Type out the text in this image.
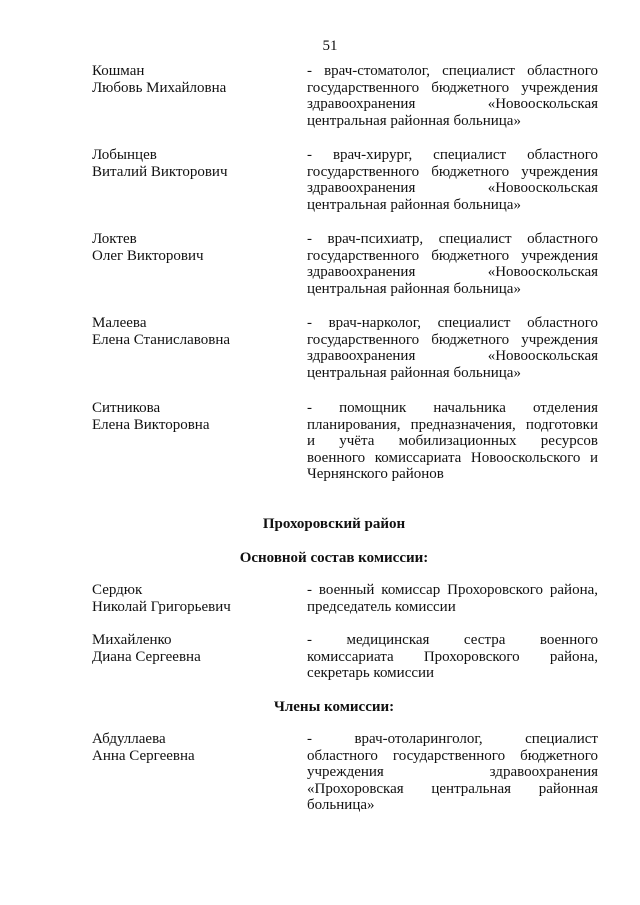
51
Кошман
Любовь Михайловна
- врач-стоматолог, специалист областного
государственного бюджетного учреждения
здравоохранения «Новооскольская
центральная районная больница»
Лобынцев
Виталий Викторович
- врач-хирург, специалист областного
государственного бюджетного учреждения
здравоохранения «Новооскольская
центральная районная больница»
Локтев
Олег Викторович
- врач-психиатр, специалист областного
государственного бюджетного учреждения
здравоохранения «Новооскольская
центральная районная больница»
Малеева
Елена Станиславовна
- врач-нарколог, специалист областного
государственного бюджетного учреждения
здравоохранения «Новооскольская
центральная районная больница»
Ситникова
Елена Викторовна
- помощник начальника отделения
планирования, предназначения, подготовки
и учёта мобилизационных ресурсов
военного комиссариата Новооскольского и
Чернянского районов
Прохоровский район
Основной состав комиссии:
Сердюк
Николай Григорьевич
- военный комиссар Прохоровского района,
председатель комиссии
Михайленко
Диана Сергеевна
- медицинская сестра военного
комиссариата Прохоровского района,
секретарь комиссии
Члены комиссии:
Абдуллаева
Анна Сергеевна
- врач-отоларинголог, специалист
областного государственного бюджетного
учреждения здравоохранения
«Прохоровская центральная районная
больница»
